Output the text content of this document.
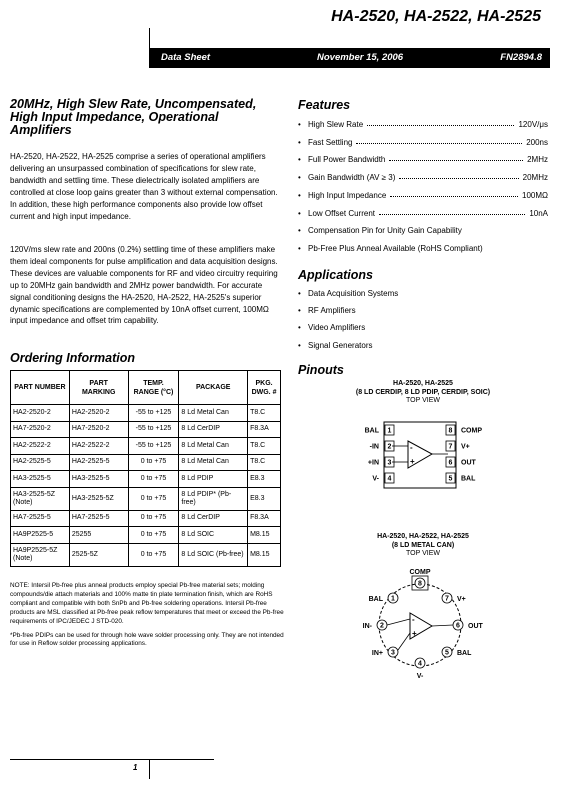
HA-2520, HA-2522, HA-2525
Data Sheet	November 15, 2006	FN2894.8
20MHz, High Slew Rate, Uncompensated, High Input Impedance, Operational Amplifiers
HA-2520, HA-2522, HA-2525 comprise a series of operational amplifiers delivering an unsurpassed combination of specifications for slew rate, bandwidth and settling time. These dielectrically isolated amplifiers are controlled at close loop gains greater than 3 without external compensation. In addition, these high performance components also provide low offset current and high input impedance.
120V/ms slew rate and 200ns (0.2%) settling time of these amplifiers make them ideal components for pulse amplification and data acquisition designs. These devices are valuable components for RF and video circuitry requiring up to 20MHz gain bandwidth and 2MHz power bandwidth. For accurate signal conditioning designs the HA-2520, HA-2522, HA-2525's superior dynamic specifications are complemented by 10nA offset current, 100MΩ input impedance and offset trim capability.
Ordering Information
PART NUMBER	PART MARKING	TEMP. RANGE (°C)	PACKAGE	PKG. DWG. #
HA2-2520-2	HA2-2520-2	-55 to +125	8 Ld Metal Can	T8.C
HA7-2520-2	HA7-2520-2	-55 to +125	8 Ld CerDIP	F8.3A
HA2-2522-2	HA2-2522-2	-55 to +125	8 Ld Metal Can	T8.C
HA2-2525-5	HA2-2525-5	0 to +75	8 Ld Metal Can	T8.C
HA3-2525-5	HA3-2525-5	0 to +75	8 Ld PDIP	E8.3
HA3-2525-5Z (Note)	HA3-2525-5Z	0 to +75	8 Ld PDIP* (Pb-free)	E8.3
HA7-2525-5	HA7-2525-5	0 to +75	8 Ld CerDIP	F8.3A
HA9P2525-5	25255	0 to +75	8 Ld SOIC	M8.15
HA9P2525-5Z (Note)	2525-5Z	0 to +75	8 Ld SOIC (Pb-free)	M8.15

NOTE: Intersil Pb-free plus anneal products employ special Pb-free material sets; molding compounds/die attach materials and 100% matte tin plate termination finish, which are RoHS compliant and compatible with both SnPb and Pb-free soldering operations. Intersil Pb-free products are MSL classified at Pb-free peak reflow temperatures that meet or exceed the Pb-free requirements of IPC/JEDEC J STD-020.

*Pb-free PDIPs can be used for through hole wave solder processing only. They are not intended for use in Reflow solder processing applications.

1
Features
• High Slew Rate	120V/μs
• Fast Settling	200ns
• Full Power Bandwidth	2MHz
• Gain Bandwidth (AV ≥ 3)	20MHz
• High Input Impedance	100MΩ
• Low Offset Current	10nA
• Compensation Pin for Unity Gain Capability
• Pb-Free Plus Anneal Available (RoHS Compliant)
Applications
• Data Acquisition Systems
• RF Amplifiers
• Video Amplifiers
• Signal Generators
Pinouts
HA-2520, HA-2525
(8 LD CERDIP, 8 LD PDIP, CERDIP, SOIC)
TOP VIEW
1
BAL
2
-IN
3
+IN
4
V-
8 COMP
7 V+
6 OUT
5 BAL
-
+
HA-2520, HA-2522, HA-2525
(8 LD METAL CAN)
TOP VIEW
-
+
8
COMP
1
BAL	7 V+
2
IN-	6 OUT
3
IN+	5 BAL
4
V-
